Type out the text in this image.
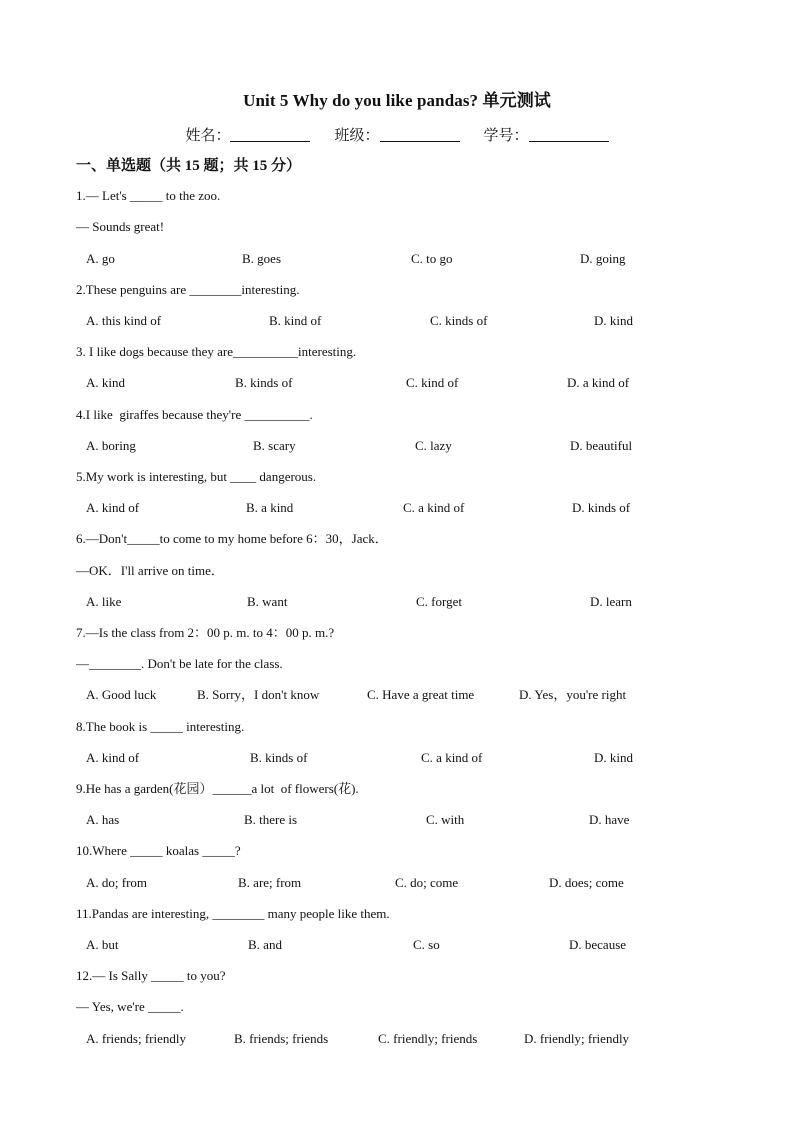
Unit 5 Why do you like pandas? 单元测试
姓名：	班级：	学号：
一、单选题（共 15 题；共 15 分）
1.— Let's _____ to the zoo.
— Sounds great!
A. go	B. goes	C. to go	D. going
2.These penguins are ________interesting.
A. this kind of	B. kind of	C. kinds of	D. kind
3. I like dogs because they are__________interesting.
A. kind	B. kinds of	C. kind of	D. a kind of
4.I like  giraffes because they're __________.
A. boring	B. scary	C. lazy	D. beautiful
5.My work is interesting, but ____ dangerous.
A. kind of	B. a kind	C. a kind of	D. kinds of
6.—Don't_____to come to my home before 6：30，Jack．
—OK．I'll arrive on time．
A. like	B. want	C. forget	D. learn
7.—Is the class from 2：00 p. m. to 4：00 p. m.?
—________. Don't be late for the class.
A. Good luck	B. Sorry，I don't know	C. Have a great time	D. Yes，you're right
8.The book is _____ interesting.
A. kind of	B. kinds of	C. a kind of	D. kind
9.He has a garden(花园）______a lot  of flowers(花).
A. has	B. there is	C. with	D. have
10.Where _____ koalas _____?
A. do; from	B. are; from	C. do; come	D. does; come
11.Pandas are interesting, ________ many people like them.
A. but	B. and	C. so	D. because
12.— Is Sally _____ to you?
— Yes, we're _____.
A. friends; friendly	B. friends; friends	C. friendly; friends	D. friendly; friendly
